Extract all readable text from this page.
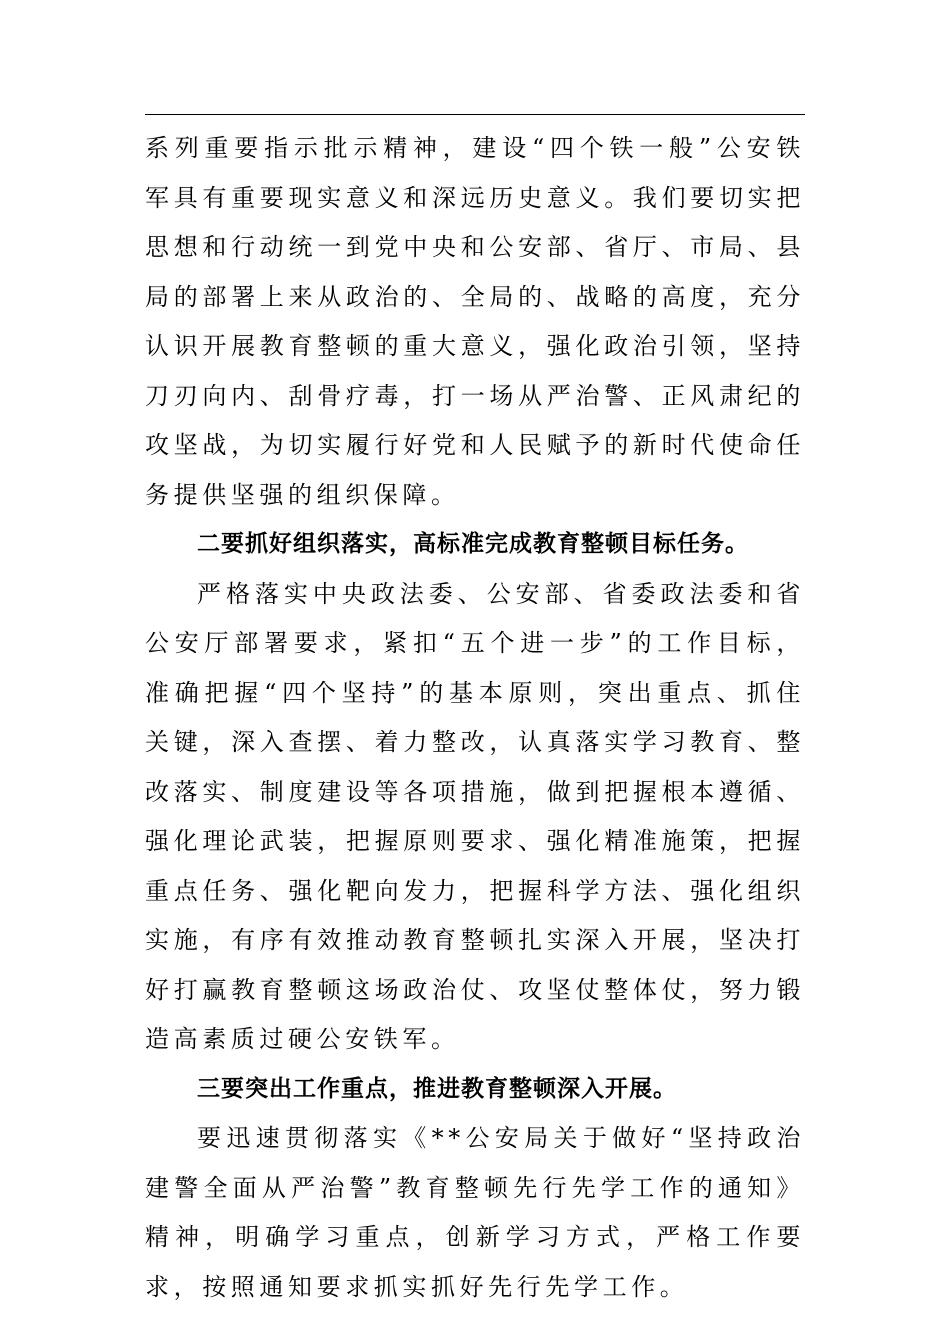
系列重要指示批示精神，建设“四个铁一般”公安铁军具有重要现实意义和深远历史意义。我们要切实把思想和行动统一到党中央和公安部、省厅、市局、县局的部署上来从政治的、全局的、战略的高度，充分认识开展教育整顿的重大意义，强化政治引领，坚持刀刃向内、刮骨疗毒，打一场从严治警、正风肃纪的攻坚战，为切实履行好党和人民赋予的新时代使命任务提供坚强的组织保障。

二要抓好组织落实，高标准完成教育整顿目标任务。

严格落实中央政法委、公安部、省委政法委和省公安厅部署要求，紧扣“五个进一步”的工作目标，准确把握“四个坚持”的基本原则，突出重点、抓住关键，深入查摆、着力整改，认真落实学习教育、整改落实、制度建设等各项措施，做到把握根本遵循、强化理论武装，把握原则要求、强化精准施策，把握重点任务、强化靶向发力，把握科学方法、强化组织实施，有序有效推动教育整顿扎实深入开展，坚决打好打赢教育整顿这场政治仗、攻坚仗整体仗，努力锻造高素质过硬公安铁军。

三要突出工作重点，推进教育整顿深入开展。

要迅速贯彻落实《**公安局关于做好“坚持政治建警全面从严治警”教育整顿先行先学工作的通知》精神，明确学习重点，创新学习方式，严格工作要求，按照通知要求抓实抓好先行先学工作。
